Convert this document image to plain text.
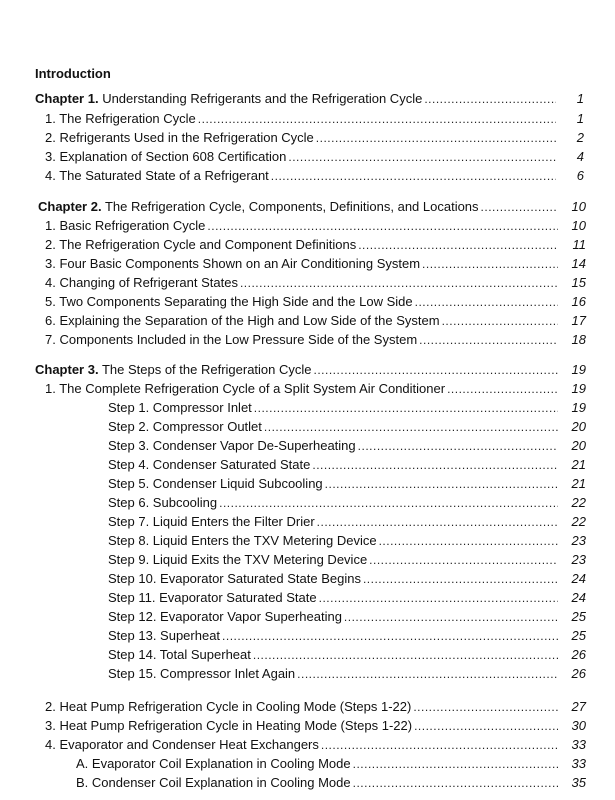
Introduction
Chapter 1. Understanding Refrigerants and the Refrigeration Cycle .....	1
1. The Refrigeration Cycle .....	1
2. Refrigerants Used in the Refrigeration Cycle .....	2
3. Explanation of Section 608 Certification .....	4
4. The Saturated State of a Refrigerant .....	6
Chapter 2. The Refrigeration Cycle, Components, Definitions, and Locations .....	10
1. Basic Refrigeration Cycle .....	10
2. The Refrigeration Cycle and Component Definitions .....	11
3. Four Basic Components Shown on an Air Conditioning System .....	14
4. Changing of Refrigerant States .....	15
5. Two Components Separating the High Side and the Low Side .....	16
6. Explaining the Separation of the High and Low Side of the System .....	17
7. Components Included in the Low Pressure Side of the System .....	18
Chapter 3. The Steps of the Refrigeration Cycle .....	19
1. The Complete Refrigeration Cycle of a Split System Air Conditioner .....	19
Step 1. Compressor Inlet .....	19
Step 2. Compressor Outlet .....	20
Step 3. Condenser Vapor De-Superheating .....	20
Step 4. Condenser Saturated State .....	21
Step 5. Condenser Liquid Subcooling .....	21
Step 6. Subcooling .....	22
Step 7. Liquid Enters the Filter Drier .....	22
Step 8. Liquid Enters the TXV Metering Device .....	23
Step 9. Liquid Exits the TXV Metering Device .....	23
Step 10. Evaporator Saturated State Begins .....	24
Step 11. Evaporator Saturated State .....	24
Step 12. Evaporator Vapor Superheating .....	25
Step 13. Superheat .....	25
Step 14. Total Superheat .....	26
Step 15. Compressor Inlet Again .....	26
2. Heat Pump Refrigeration Cycle in Cooling Mode (Steps 1-22) .....	27
3. Heat Pump Refrigeration Cycle in Heating Mode (Steps 1-22) .....	30
4. Evaporator and Condenser Heat Exchangers .....	33
A. Evaporator Coil Explanation in Cooling Mode .....	33
B. Condenser Coil Explanation in Cooling Mode .....	35
